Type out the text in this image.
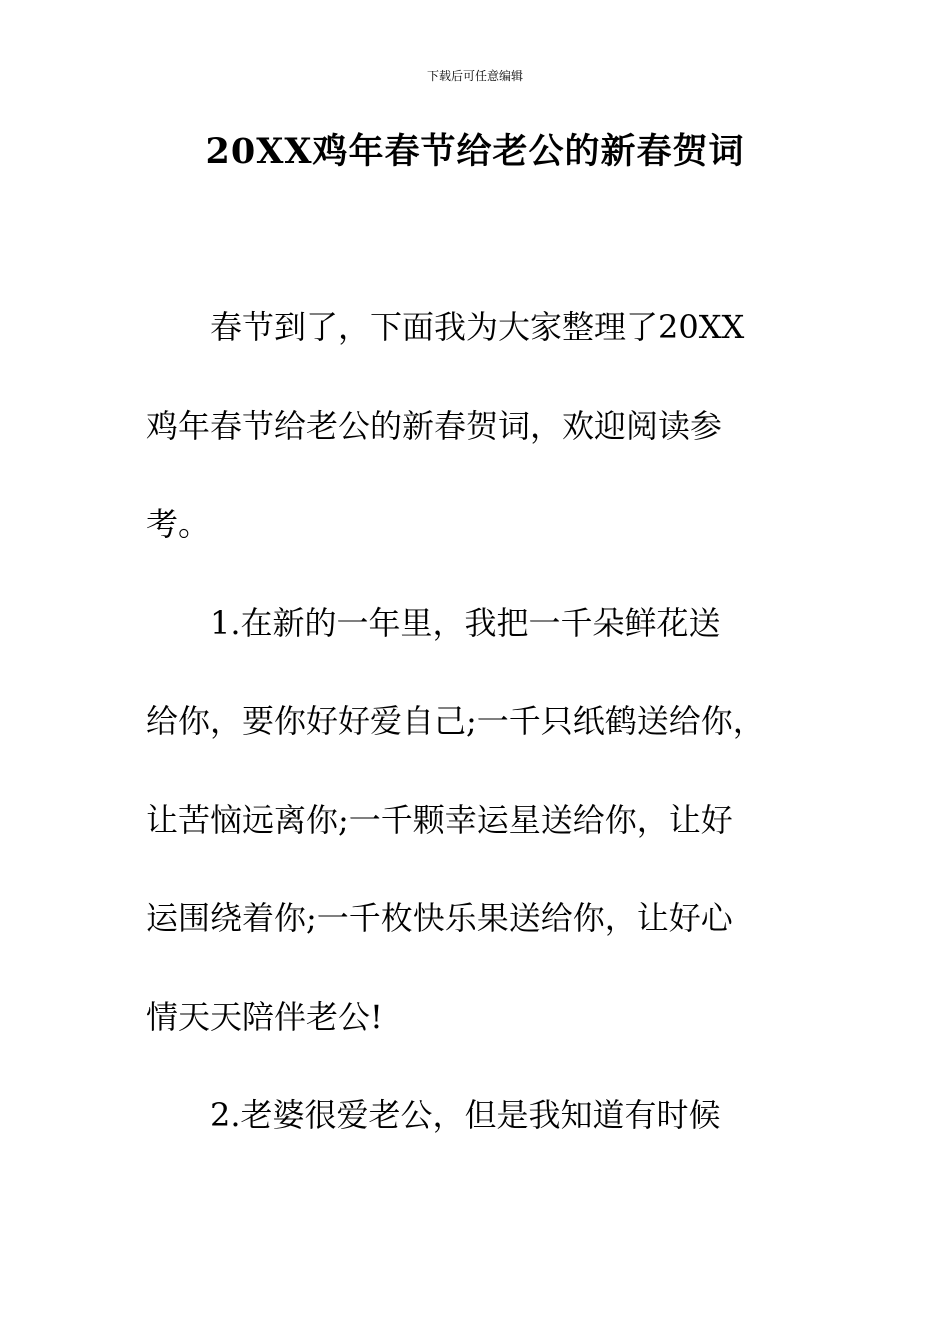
下载后可任意编辑
20XX鸡年春节给老公的新春贺词

春节到了，下面我为大家整理了20XX
鸡年春节给老公的新春贺词，欢迎阅读参
考。

1.在新的一年里，我把一千朵鲜花送
给你，要你好好爱自己;一千只纸鹤送给你，
让苦恼远离你;一千颗幸运星送给你，让好
运围绕着你;一千枚快乐果送给你，让好心
情天天陪伴老公!

2.老婆很爱老公，但是我知道有时候
